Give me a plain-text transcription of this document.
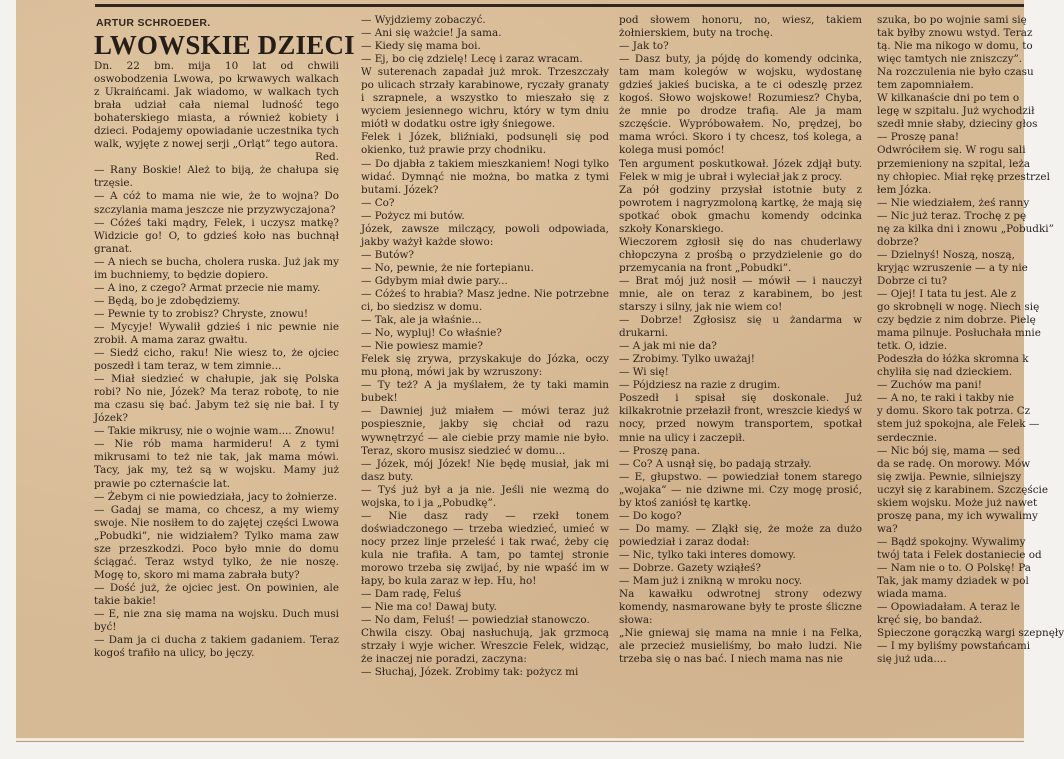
ARTUR SCHROEDER.
LWOWSKIE DZIECI

Dn. 22 bm. mija 10 lat od chwili oswobodzenia Lwowa, po krwawych walkach z Ukraińcami. Jak wiadomo, w walkach tych brała udział cała niemal ludność tego bohaterskiego miasta, a również kobiety i dzieci. Podajemy opowiadanie uczestnika tych walk, wyjęte z nowej serji „Orląt” tego autora.

Red.

— Rany Boskie! Ależ to biją, że chałupa się trzęsie.

— A cóż to mama nie wie, że to wojna? Do szczylania mama jeszcze nie przyzwyczajona?

— Cóżeś taki mądry, Felek, i uczysz matkę? Widzicie go! O, to gdzieś koło nas buchnął granat.

— A niech se bucha, cholera ruska. Już jak my im buchniemy, to będzie dopiero.

— A ino, z czego? Armat przecie nie mamy.

— Będą, bo je zdobędziemy.

— Pewnie ty to zrobisz? Chryste, znowu!

— Mycyje! Wywalił gdzieś i nic pewnie nie zrobił. A mama zaraz gwałtu.

— Siedź cicho, raku! Nie wiesz to, że ojciec poszedł i tam teraz, w tem zimnie...

— Miał siedzieć w chałupie, jak się Polska robi? No nie, Józek? Ma teraz robotę, to nie ma czasu się bać. Jabym też się nie bał. I ty Józek?

— Takie mikrusy, nie o wojnie wam.... Znowu!

— Nie rób mama harmideru! A z tymi mikrusami to też nie tak, jak mama mówi. Tacy, jak my, też są w wojsku. Mamy już prawie po czternaście lat.

— Żebym ci nie powiedziała, jacy to żołnierze.

— Gadaj se mama, co chcesz, a my wiemy swoje. Nie nosiłem to do zajętej części Lwowa „Pobudki”, nie widziałem? Tylko mama zaw sze przeszkodzi. Poco było mnie do domu ściągać. Teraz wstyd tylko, że nie noszę. Mogę to, skoro mi mama zabrała buty?

— Dość już, że ojciec jest. On powinien, ale takie bakie!

— E, nie zna się mama na wojsku. Duch musi być!

— Dam ja ci ducha z takiem gadaniem. Teraz kogoś trafiło na ulicy, bo jęczy.

— Wyjdziemy zobaczyć.

— Ani się ważcie! Ja sama.

— Kiedy się mama boi.

— Ej, bo cię zdzielę! Lecę i zaraz wracam.

W suterenach zapadał już mrok. Trzeszczały po ulicach strzały karabinowe, ryczały granaty i szrapnele, a wszystko to mieszało się z wyciem jesiennego wichru, który w tym dniu miótł w dodatku ostre igły śniegowe.

Felek i Józek, bliźniaki, podsunęli się pod okienko, tuż prawie przy chodniku.

— Do djabła z takiem mieszkaniem! Nogi tylko widać. Dymnąć nie można, bo matka z tymi butami. Józek?

— Co?

— Pożycz mi butów.

Józek, zawsze milczący, powoli odpowiada, jakby ważył każde słowo:

— Butów?

— No, pewnie, że nie fortepianu.

— Gdybym miał dwie pary...

— Cóżeś to hrabia? Masz jedne. Nie potrzebne ci, bo siedzisz w domu.

— Tak, ale ja właśnie...

— No, wypluj! Co właśnie?

— Nie powiesz mamie?

Felek się zrywa, przyskakuje do Józka, oczy mu płoną, mówi jak by wzruszony:

— Ty też? A ja myślałem, że ty taki mamin bubek!

— Dawniej już miałem — mówi teraz już pospiesznie, jakby się chciał od razu wywnętrzyć — ale ciebie przy mamie nie było. Teraz, skoro musisz siedzieć w domu...

— Józek, mój Józek! Nie będę musiał, jak mi dasz buty.

— Tyś już był a ja nie. Jeśli nie wezmą do wojska, to i ja „Pobudkę”.

— Nie dasz rady — rzekł tonem doświadczonego — trzeba wiedzieć, umieć w nocy przez linje przeleść i tak rwać, żeby cię kula nie trafiła. A tam, po tamtej stronie morowo trzeba się zwijać, by nie wpaść im w łapy, bo kula zaraz w łep. Hu, ho!

— Dam radę, Feluś

— Nie ma co! Dawaj buty.

— No dam, Feluś! — powiedział stanowczo.

Chwila ciszy. Obaj nasłuchują, jak grzmocą strzały i wyje wicher. Wreszcie Felek, widząc, że inaczej nie poradzi, zaczyna:

— Słuchaj, Józek. Zrobimy tak: pożycz mi

pod słowem honoru, no, wiesz, takiem żołnierskiem, buty na trochę.

— Jak to?

— Dasz buty, ja pójdę do komendy odcinka, tam mam kolegów w wojsku, wydostanę gdzieś jakieś buciska, a te ci odeszlę przez kogoś. Słowo wojskowe! Rozumiesz? Chyba, że mnie po drodze trafią. Ale ja mam szczęście. Wypróbowałem. No, prędzej, bo mama wróci. Skoro i ty chcesz, toś kolega, a kolega musi pomóc!

Ten argument poskutkował. Józek zdjął buty. Felek w mig je ubrał i wyleciał jak z procy.

Za pół godziny przysłał istotnie buty z powrotem i nagryzmoloną kartkę, że mają się spotkać obok gmachu komendy odcinka szkoły Konarskiego.

Wieczorem zgłosił się do nas chuderlawy chłopczyna z prośbą o przydzielenie go do przemycania na front „Pobudki”.

— Brat mój już nosił — mówił — i nauczył mnie, ale on teraz z karabinem, bo jest starszy i silny, jak nie wiem co!

— Dobrze! Zgłosisz się u żandarma w drukarni.

— A jak mi nie da?

— Zrobimy. Tylko uważaj!

— Wi się!

— Pójdziesz na razie z drugim.

Poszedł i spisał się doskonale. Już kilkakrotnie przełaził front, wreszcie kiedyś w nocy, przed nowym transportem, spotkał mnie na ulicy i zaczepił.

— Proszę pana.

— Co? A usnął się, bo padają strzały.

— E, głupstwo. — powiedział tonem starego „wojaka” — nie dziwne mi. Czy mogę prosić, by ktoś zaniósł tę kartkę.

— Do kogo?

— Do mamy. — Zląkł się, że może za dużo powiedział i zaraz dodał:

— Nic, tylko taki interes domowy.

— Dobrze. Gazety wziąłeś?

— Mam już i znikną w mroku nocy.

Na kawałku odwrotnej strony odezwy komendy, nasmarowane były te proste śliczne słowa:

„Nie gniewaj się mama na mnie i na Felka, ale przecież musieliśmy, bo mało ludzi. Nie trzeba się o nas bać. I niech mama nas nie

szuka, bo po wojnie sami się

tak byłby znowu wstyd. Teraz

tą. Nie ma nikogo w domu, to

więc tamtych nie zniszczy”.

Na rozczulenia nie było czasu

tem zapomniałem.

W kilkanaście dni po tem o

legę w szpitalu. Już wychodził

szedł mnie słaby, dzieciny głos

— Proszę pana!

Odwróciłem się. W rogu sali

przemieniony na szpital, leża

ny chłopiec. Miał rękę przestrzel

łem Józka.

— Nie wiedziałem, żeś ranny

— Nic już teraz. Trochę z pę

nę za kilka dni i znowu „Pobudki”

dobrze?

— Dzielnyś! Noszą, noszą,

kryjąc wzruszenie — a ty nie

Dobrze ci tu?

— Ojej! I tata tu jest. Ale z

go skrobnęli w nogę. Niech się

czy będzie z nim dobrze. Pielę

mama pilnuje. Posłuchała mnie

tetk. O, idzie.

Podeszła do łóżka skromna k

chyliła się nad dzieckiem.

— Zuchów ma pani!

— A no, te raki i takby nie

y domu. Skoro tak potrza. Cz

stem już spokojna, ale Felek —

serdecznie.

— Nic bój się, mama — sed

da se radę. On morowy. Mów

się zwija. Pewnie, silniejszy

uczył się z karabinem. Szczęście

skiem wojsku. Może już nawet

proszę pana, my ich wywalimy

wa?

— Bądź spokojny. Wywalimy

twój tata i Felek dostaniecie od

— Nam nie o to. O Polskę! Pa

Tak, jak mamy dziadek w pol

wiada mama.

— Opowiadałam. A teraz le

kręć się, bo bandaż.

Spieczone gorączką wargi szepnęły

— I my byliśmy powstańcami

się już uda....
